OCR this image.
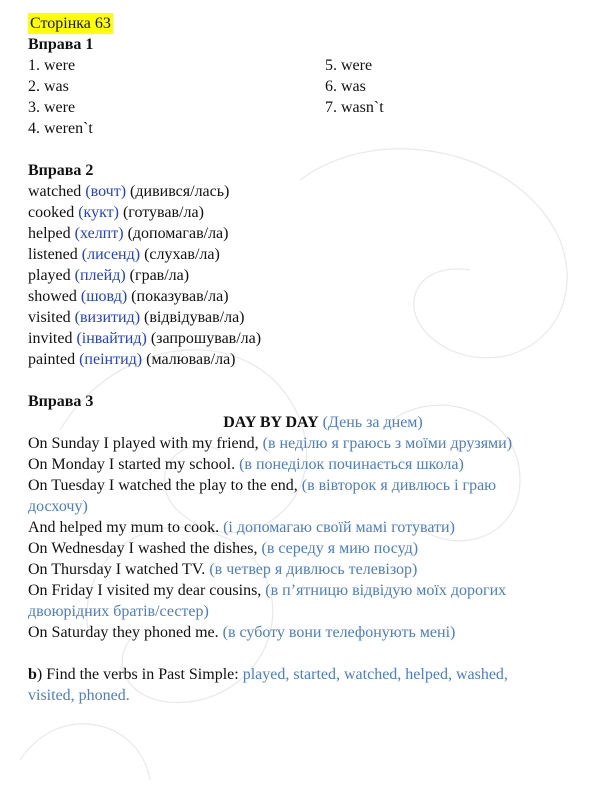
Сторінка 63
Вправа 1
1. were
2. was
3. were
4. weren`t
5. were
6. was
7. wasn`t
Вправа 2
watched (вочт) (дивився/лась)
cooked (кукт) (готував/ла)
helped (хелпт) (допомагав/ла)
listened (лисенд) (слухав/ла)
played (плейд) (грав/ла)
showed (шовд) (показував/ла)
visited (визитид) (відвідував/ла)
invited (інвайтид) (запрошував/ла)
painted (пеінтид) (малював/ла)
Вправа 3
DAY BY DAY (День за днем)
On Sunday I played with my friend, (в неділю я граюсь з моїми друзями)
On Monday I started my school. (в понеділок починається школа)
On Tuesday I watched the play to the end, (в вівторок я дивлюсь і граю
досхочу)
And helped my mum to cook. (і допомагаю своїй мамі готувати)
On Wednesday I washed the dishes, (в середу я мию посуд)
On Thursday I watched TV. (в четвер я дивлюсь телевізор)
On Friday I visited my dear cousins, (в п’ятницю відвідую моїх дорогих
двоюрідних братів/сестер)
On Saturday they phoned me. (в суботу вони телефонують мені)
b) Find the verbs in Past Simple: played, started, watched, helped, washed,
visited, phoned.
